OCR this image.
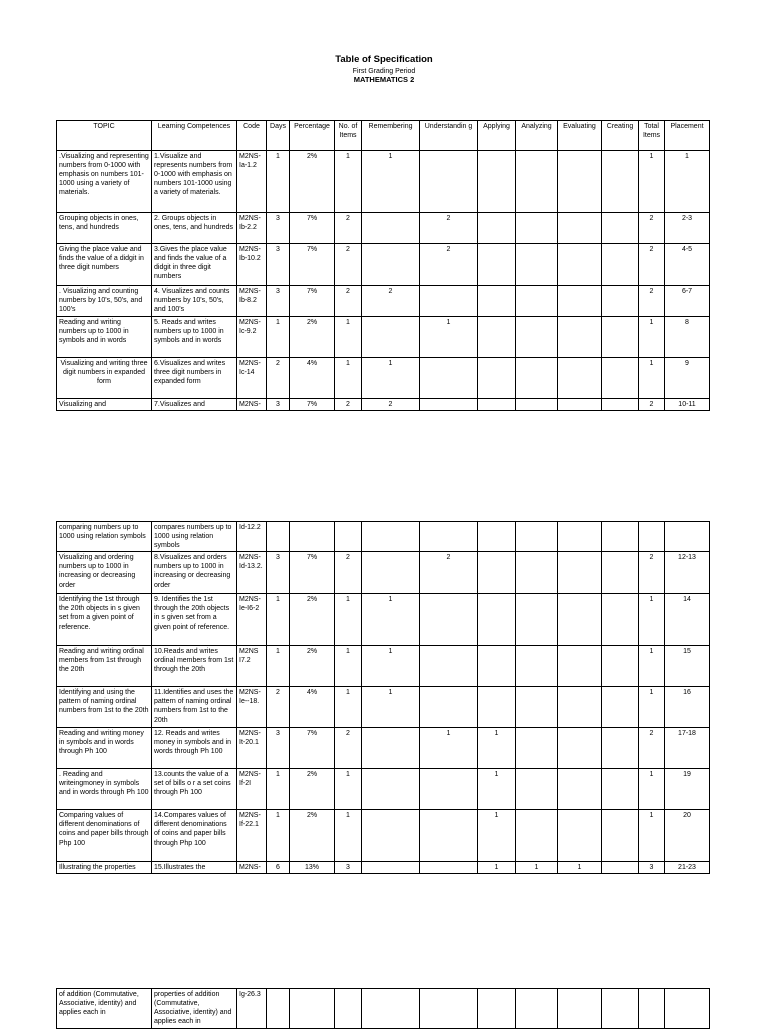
Table of Specification
First Grading Period
MATHEMATICS 2
TOPIC	Learning Competences	Code	Days	Percentage	No. of Items	Remembering	Understandin g	Applying	Analyzing	Evaluating	Creating	Total Items	Placement
.Visualizing and representing numbers from 0-1000 with emphasis on numbers 101-1000 using a variety of materials.	1.Visualize and represents numbers from 0-1000 with emphasis on numbers 101-1000 using a variety of materials.	M2NS-Ia-1.2	1	2%	1	1						1	1
Grouping objects in ones, tens, and hundreds	2. Groups objects in ones, tens, and hundreds	M2NS-Ib-2.2	3	7%	2		2					2	2-3
Giving the place value and finds the value of a didgit in three digit numbers	3.Gives the place value and finds the value of a didgit in three digit numbers	M2NS-Ib-10.2	3	7%	2		2					2	4-5
. Visualizing and counting numbers by 10's, 50's, and 100's	4. Visualizes and counts numbers by 10's, 50's, and 100's	M2NS-Ib-8.2	3	7%	2	2						2	6-7
Reading and writing numbers up to 1000 in symbols and in words	5. Reads and writes numbers up to 1000 in symbols and in words	M2NS-Ic-9.2	1	2%	1		1					1	8
Visualizing and writing three digit numbers in expanded form	6.Visualizes and writes three digit numbers in expanded form	M2NS-Ic-14	2	4%	1	1						1	9
Visualizing and	7.Visualizes and	M2NS-	3	7%	2	2						2	10-11
comparing numbers up to 1000 using relation symbols	compares numbers up to 1000 using relation symbols	Id-12.2											
Visualizing and ordering numbers up to 1000 in increasing or decreasing order	8.Visualizes and orders numbers up to 1000 in increasing or decreasing order	M2NS-Id-13.2.	3	7%	2		2					2	12-13
Identifying the 1st through the 20th objects in s given set from a given point of reference.	9. Identifies the 1st through the 20th objects in s given set from a given point of reference.	M2NS-Ie-I6-2	1	2%	1	1						1	14
Reading and writing ordinal members from 1st through the 20th	10.Reads and writes ordinal members from 1st through the 20th	M2NS I7.2	1	2%	1	1						1	15
Identifying and using the pattern of naming ordinal numbers from 1st to the 20th	11.Identifies and uses the pattern of naming ordinal numbers from 1st to the 20th	M2NS-Ie--18.	2	4%	1	1						1	16
Reading and writing money in symbols and in words through Ph 100	12. Reads and writes money in symbols and in words through Ph 100	M2NS-It-20.1	3	7%	2		1	1				2	17-18
. Reading and writeingmoney in symbols and in words through Ph 100	13.counts the value of a set of bills o r a set coins through Ph 100	M2NS-If-2I	1	2%	1			1				1	19
Comparing values of different denominations of coins and paper bills through Php 100	14.Compares values of different denominations of coins and paper bills through Php 100	M2NS-If-22.1	1	2%	1			1				1	20
Illustrating the properties	15.Illustrates the	M2NS-	6	13%	3			1	1	1		3	21-23
of addition (Commutative, Associative, identity) and applies each in	properties of addition (Commutative, Associative, identity) and applies each in	Ig-26.3											
